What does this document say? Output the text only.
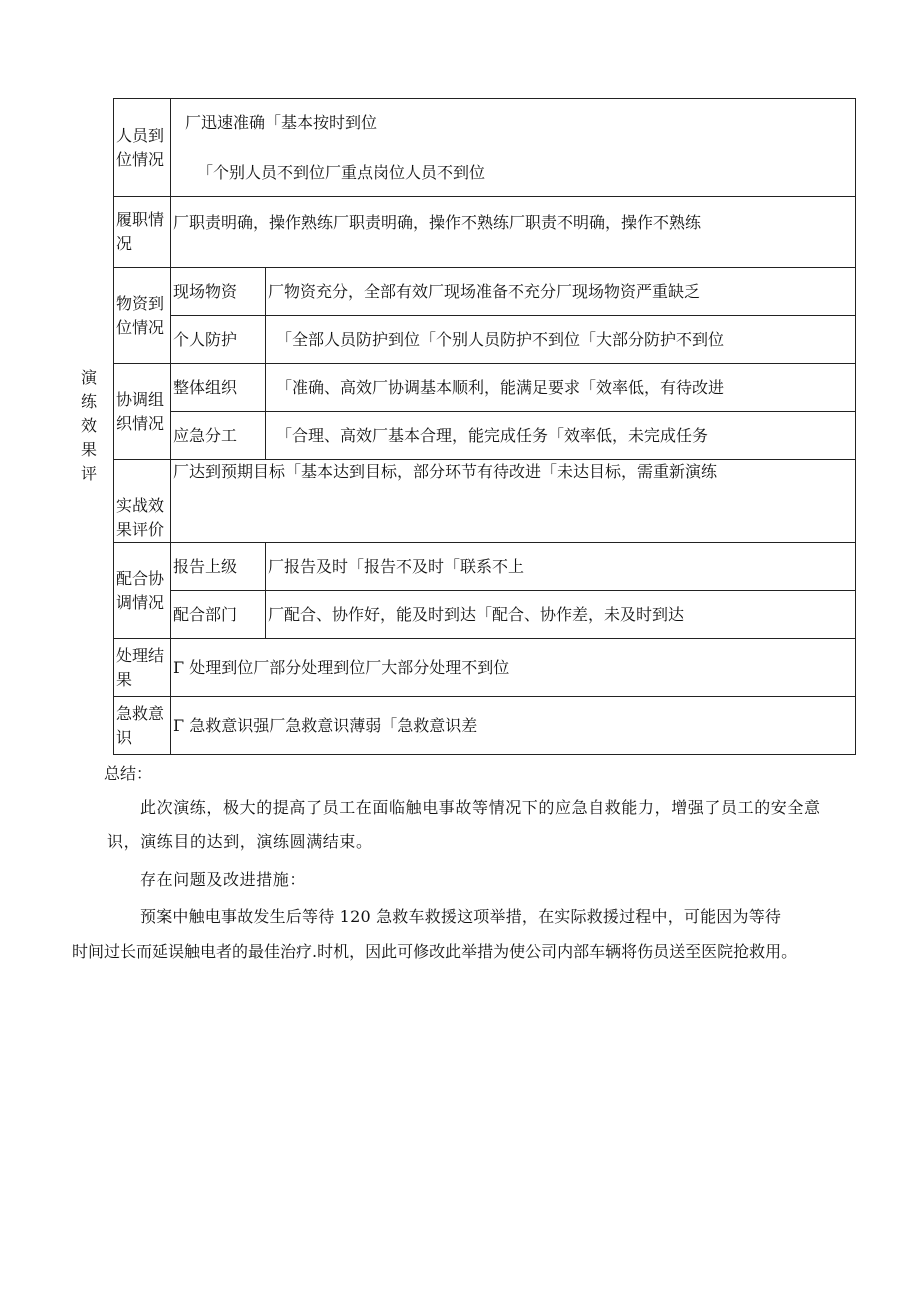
演
练
效
果
评
人员到
位情况	厂迅速准确「基本按时到位
「个别人员不到位厂重点岗位人员不到位	

履职情
况	厂职责明确，操作熟练厂职责明确，操作不熟练厂职责不明确，操作不熟练	

物资到
位情况	现场物资	厂物资充分，全部有效厂现场准备不充分厂现场物资严重缺乏
	个人防护	「全部人员防护到位「个别人员防护不到位「大部分防护不到位

协调组
织情况	整体组织	「准确、高效厂协调基本顺利，能满足要求「效率低，有待改进
	应急分工	「合理、高效厂基本合理，能完成任务「效率低，未完成任务

实战效
果评价	厂达到预期目标「基本达到目标，部分环节有待改进「未达目标，需重新演练	

配合协
调情况	报告上级	厂报告及时「报告不及时「联系不上
	配合部门	厂配合、协作好，能及时到达「配合、协作差，未及时到达

处理结
果	Γ 处理到位厂部分处理到位厂大部分处理不到位	

急救意
识	Γ 急救意识强厂急救意识薄弱「急救意识差	
总结：
此次演练，极大的提高了员工在面临触电事故等情况下的应急自救能力，增强了员工的安全意
识，演练目的达到，演练圆满结束。
存在问题及改进措施：
预案中触电事故发生后等待 120 急救车救援这项举措，在实际救援过程中，可能因为等待
时间过长而延误触电者的最佳治疗.时机，因此可修改此举措为使公司内部车辆将伤员送至医院抢救用。
